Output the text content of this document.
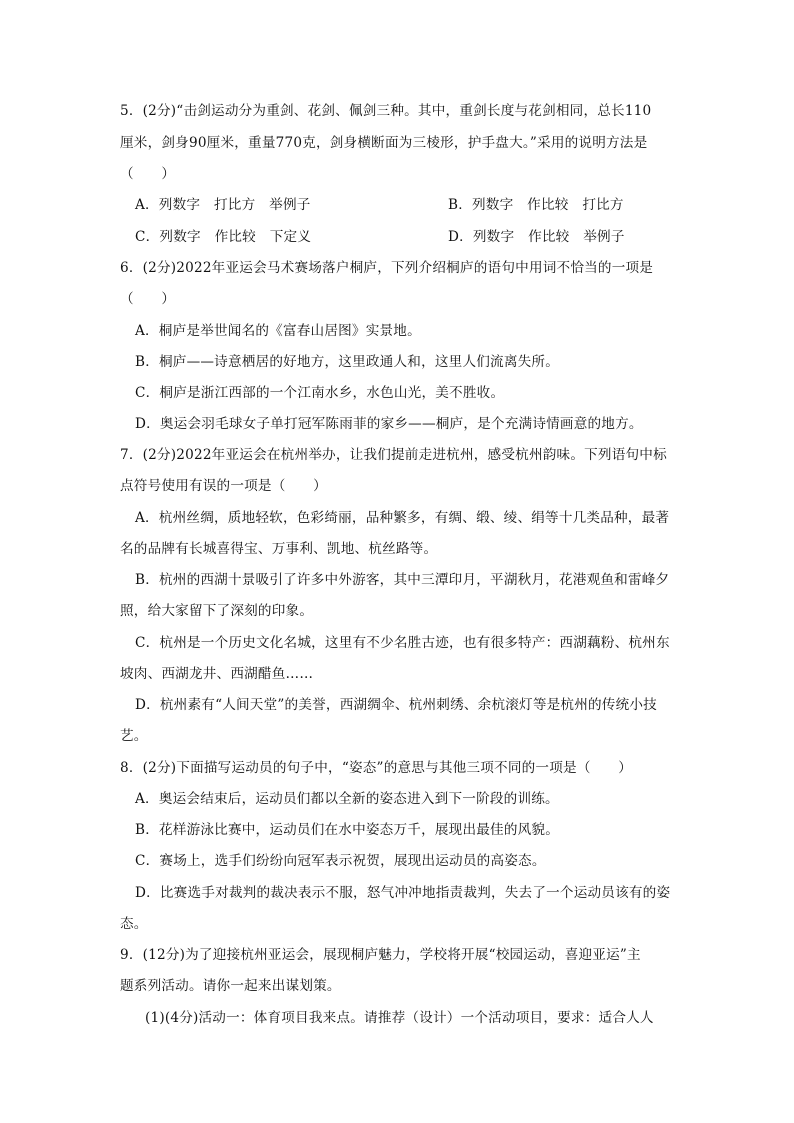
5．(2分)“击剑运动分为重剑、花剑、佩剑三种。其中，重剑长度与花剑相同，总长110
厘米，剑身90厘米，重量770克，剑身横断面为三棱形，护手盘大。”采用的说明方法是
（　　）
A．列数字　打比方　举例子	B．列数字　作比较　打比方
C．列数字　作比较　下定义	D．列数字　作比较　举例子
6．(2分)2022年亚运会马术赛场落户桐庐，下列介绍桐庐的语句中用词不恰当的一项是
（　　）
A．桐庐是举世闻名的《富春山居图》实景地。
B．桐庐——诗意栖居的好地方，这里政通人和，这里人们流离失所。
C．桐庐是浙江西部的一个江南水乡，水色山光，美不胜收。
D．奥运会羽毛球女子单打冠军陈雨菲的家乡——桐庐，是个充满诗情画意的地方。
7．(2分)2022年亚运会在杭州举办，让我们提前走进杭州，感受杭州韵味。下列语句中标
点符号使用有误的一项是（　　）
A．杭州丝绸，质地轻软，色彩绮丽，品种繁多，有绸、缎、绫、绢等十几类品种，最著
名的品牌有长城喜得宝、万事利、凯地、杭丝路等。
B．杭州的西湖十景吸引了许多中外游客，其中三潭印月，平湖秋月，花港观鱼和雷峰夕
照，给大家留下了深刻的印象。
C．杭州是一个历史文化名城，这里有不少名胜古迹，也有很多特产：西湖藕粉、杭州东
坡肉、西湖龙井、西湖醋鱼……
D．杭州素有“人间天堂”的美誉，西湖绸伞、杭州刺绣、余杭滚灯等是杭州的传统小技
艺。
8．(2分)下面描写运动员的句子中，“姿态”的意思与其他三项不同的一项是（　　）
A．奥运会结束后，运动员们都以全新的姿态进入到下一阶段的训练。
B．花样游泳比赛中，运动员们在水中姿态万千，展现出最佳的风貌。
C．赛场上，选手们纷纷向冠军表示祝贺，展现出运动员的高姿态。
D．比赛选手对裁判的裁决表示不服，怒气冲冲地指责裁判，失去了一个运动员该有的姿
态。
9．(12分)为了迎接杭州亚运会，展现桐庐魅力，学校将开展“校园运动，喜迎亚运”主
题系列活动。请你一起来出谋划策。
(1)(4分)活动一：体育项目我来点。请推荐（设计）一个活动项目，要求：适合人人
